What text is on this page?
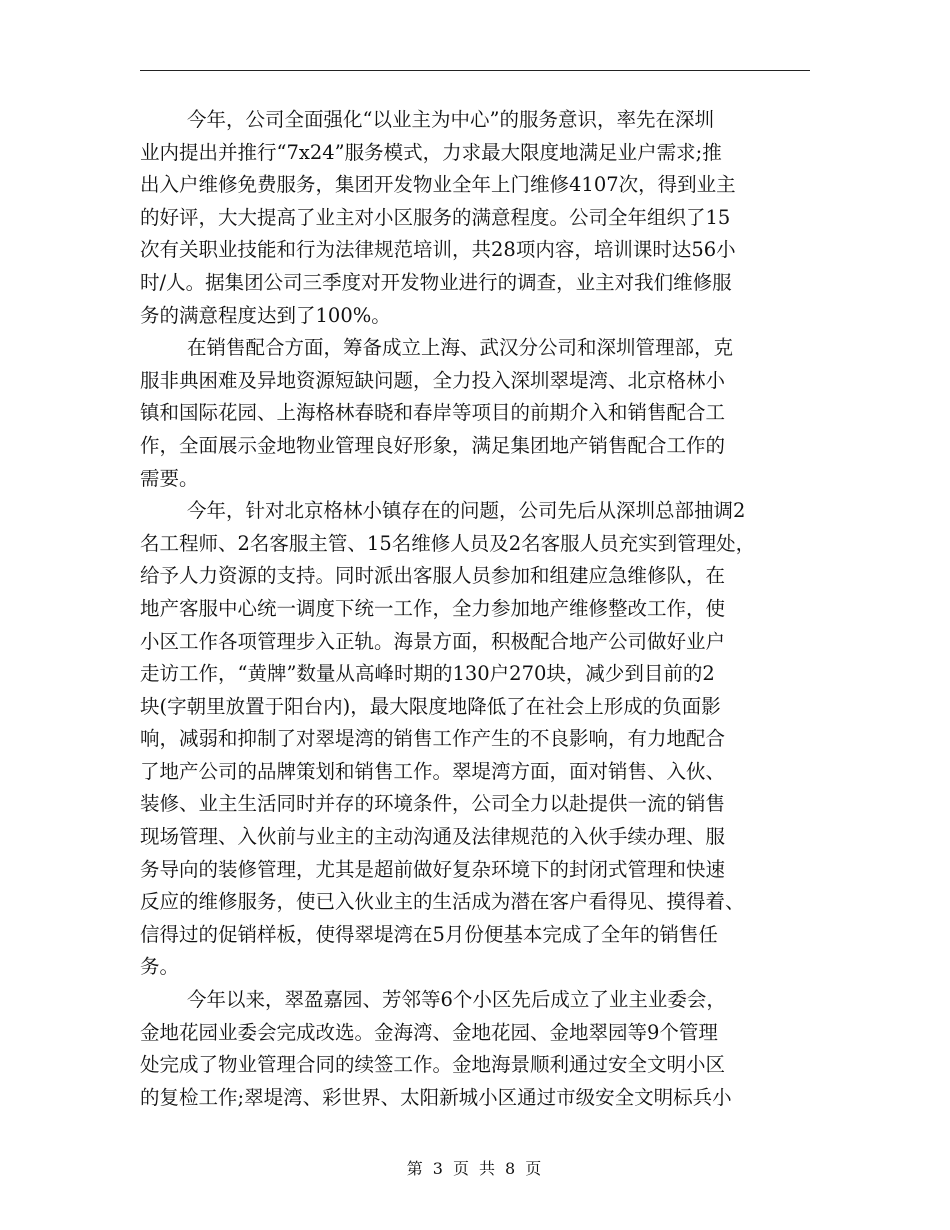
今年，公司全面强化“以业主为中心”的服务意识，率先在深圳
业内提出并推行“7x24”服务模式，力求最大限度地满足业户需求;推
出入户维修免费服务，集团开发物业全年上门维修4107次，得到业主
的好评，大大提高了业主对小区服务的满意程度。公司全年组织了15
次有关职业技能和行为法律规范培训，共28项内容，培训课时达56小
时/人。据集团公司三季度对开发物业进行的调查，业主对我们维修服
务的满意程度达到了100%。
在销售配合方面，筹备成立上海、武汉分公司和深圳管理部，克
服非典困难及异地资源短缺问题，全力投入深圳翠堤湾、北京格林小
镇和国际花园、上海格林春晓和春岸等项目的前期介入和销售配合工
作，全面展示金地物业管理良好形象，满足集团地产销售配合工作的
需要。
今年，针对北京格林小镇存在的问题，公司先后从深圳总部抽调2
名工程师、2名客服主管、15名维修人员及2名客服人员充实到管理处，
给予人力资源的支持。同时派出客服人员参加和组建应急维修队，在
地产客服中心统一调度下统一工作，全力参加地产维修整改工作，使
小区工作各项管理步入正轨。海景方面，积极配合地产公司做好业户
走访工作，“黄牌”数量从高峰时期的130户270块，减少到目前的2
块(字朝里放置于阳台内)，最大限度地降低了在社会上形成的负面影
响，减弱和抑制了对翠堤湾的销售工作产生的不良影响，有力地配合
了地产公司的品牌策划和销售工作。翠堤湾方面，面对销售、入伙、
装修、业主生活同时并存的环境条件，公司全力以赴提供一流的销售
现场管理、入伙前与业主的主动沟通及法律规范的入伙手续办理、服
务导向的装修管理，尤其是超前做好复杂环境下的封闭式管理和快速
反应的维修服务，使已入伙业主的生活成为潜在客户看得见、摸得着、
信得过的促销样板，使得翠堤湾在5月份便基本完成了全年的销售任
务。
今年以来，翠盈嘉园、芳邻等6个小区先后成立了业主业委会，
金地花园业委会完成改选。金海湾、金地花园、金地翠园等9个管理
处完成了物业管理合同的续签工作。金地海景顺利通过安全文明小区
的复检工作;翠堤湾、彩世界、太阳新城小区通过市级安全文明标兵小
第 3 页 共 8 页
